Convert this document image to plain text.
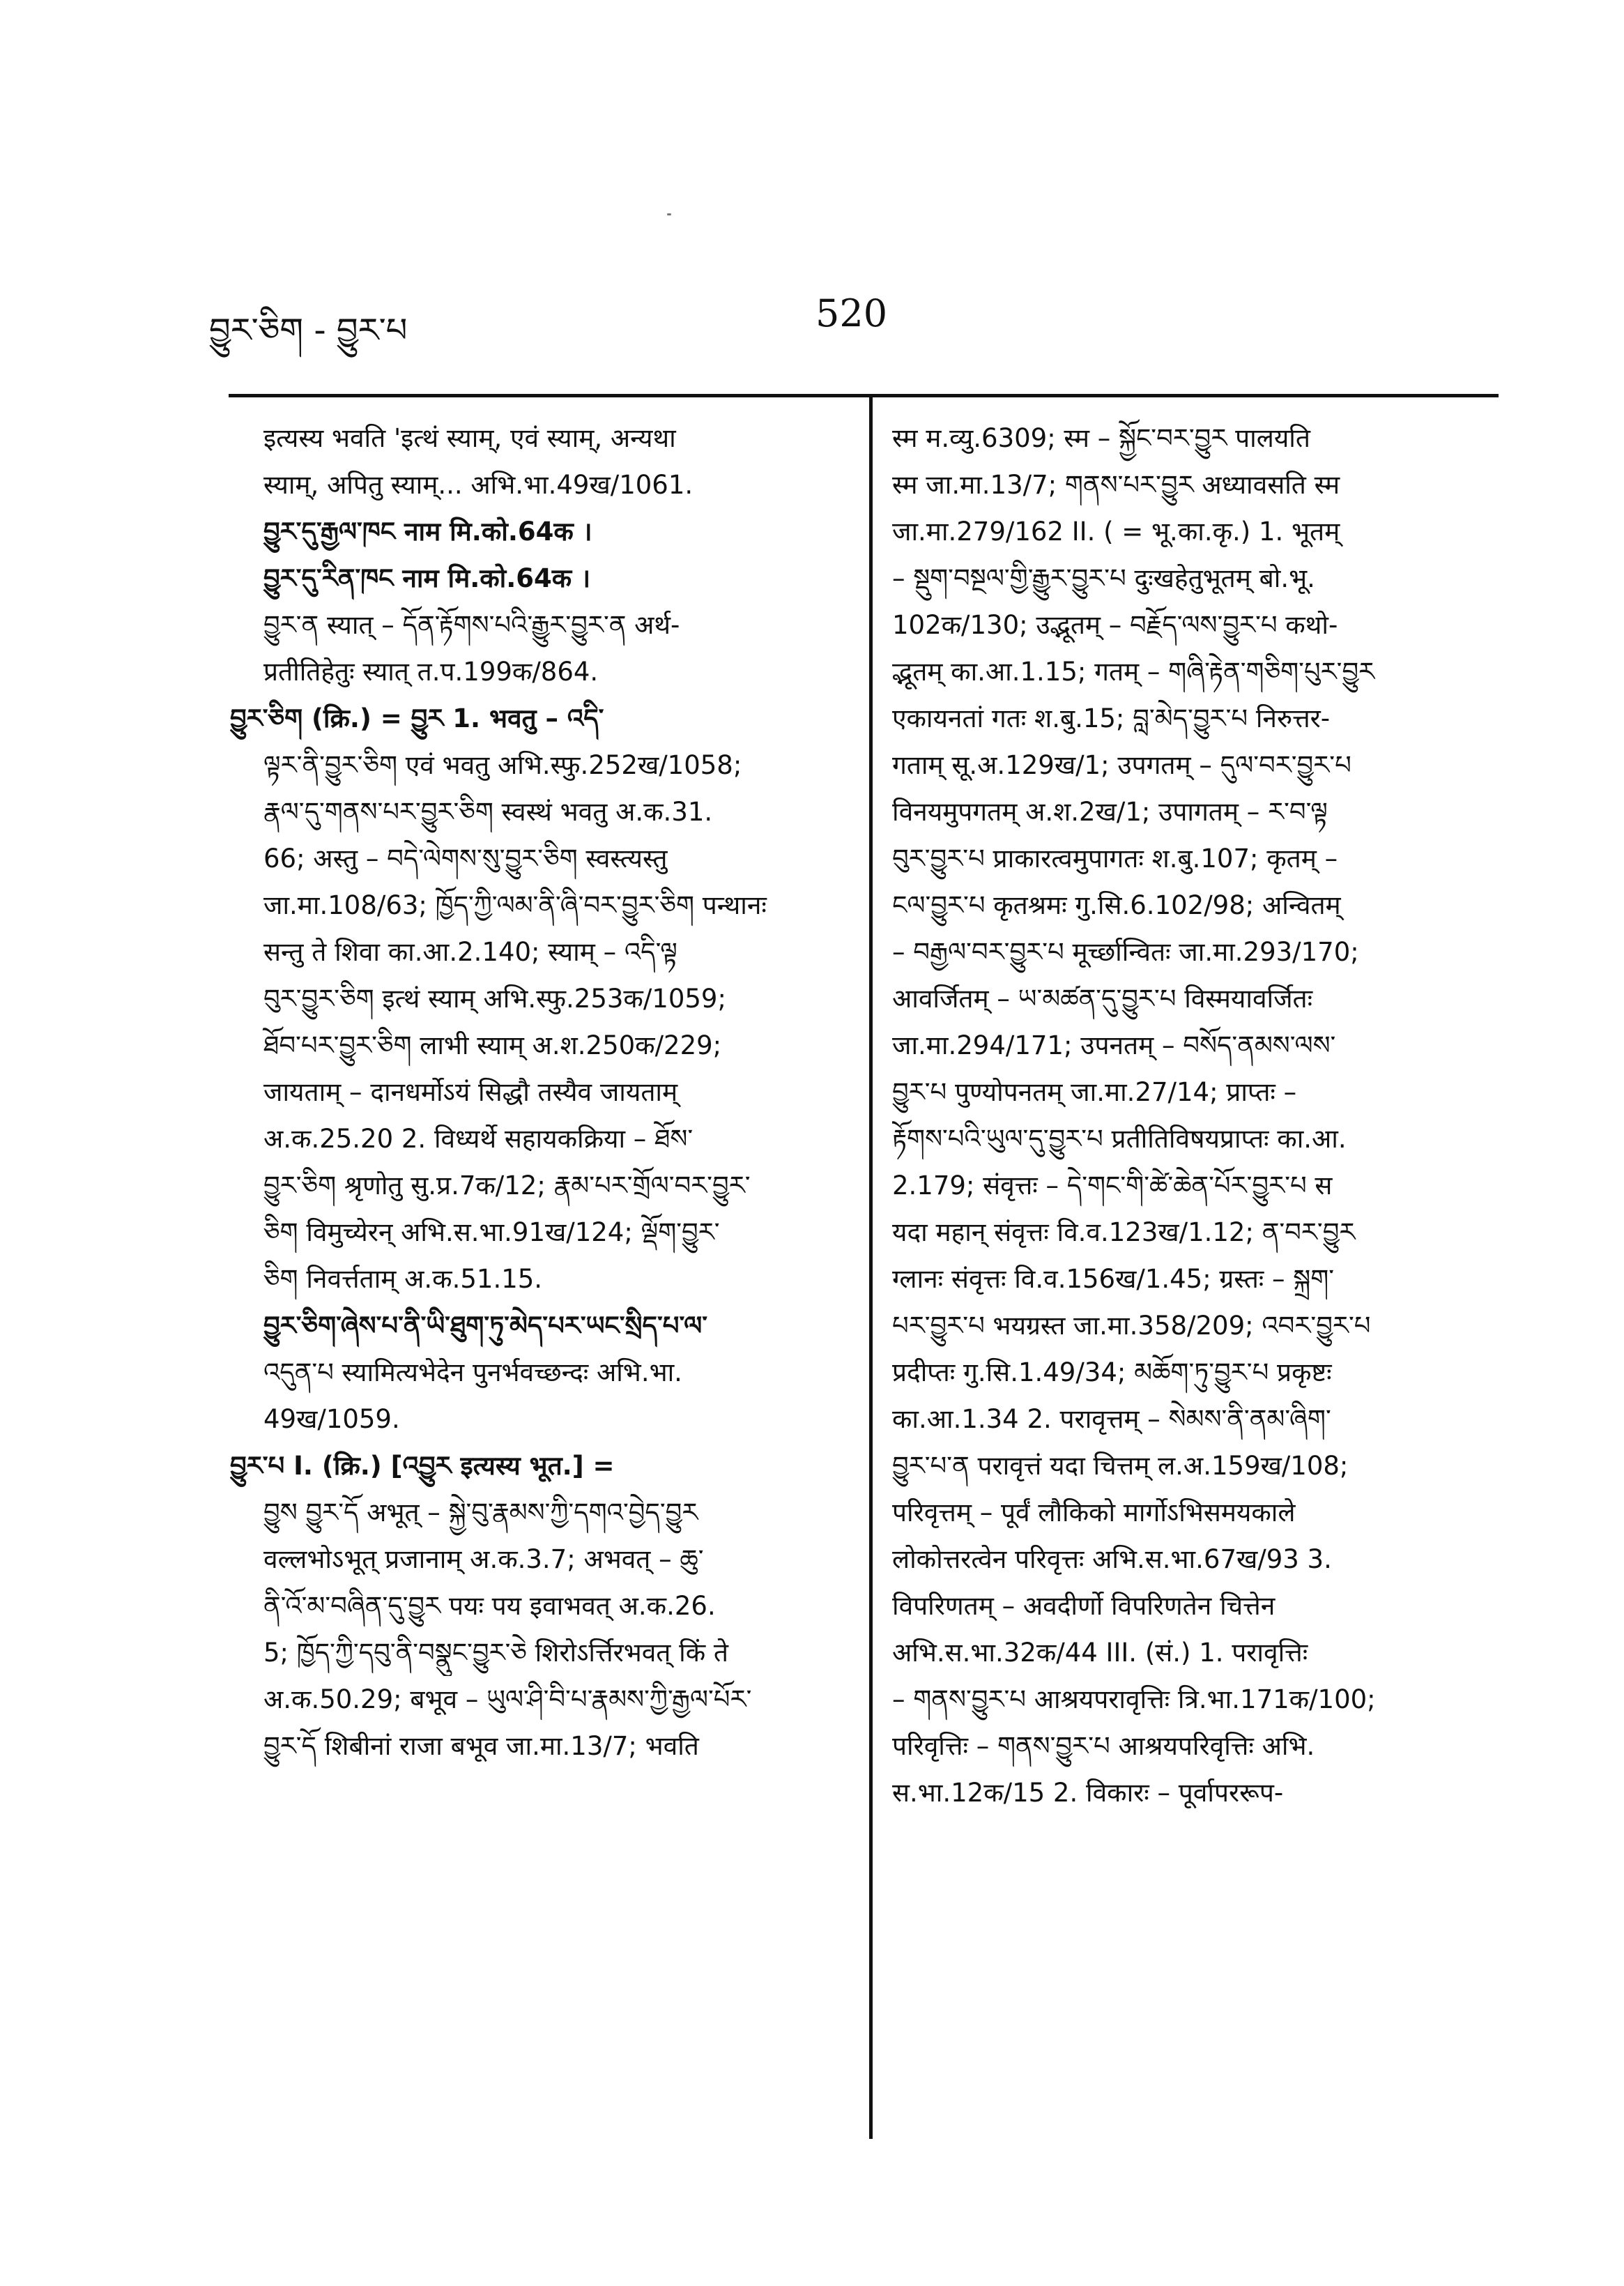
བྱུར་ཅིག - བྱུར་པ	520
इत्यस्य भवति 'इत्थं स्याम्, एवं स्याम्, अन्यथा
स्याम्, अपितु स्याम्... अभि.भा.49ख/1061.
བྱུར་དུ་རྒྱལ་ཁང नाम मि.को.64क ।
བྱུར་དུ་རིན་ཁང नाम मि.को.64क ।
བྱུར་ན स्यात् – དོན་རྟོགས་པའི་རྒྱུར་བྱུར་ན अर्थ-
प्रतीतिहेतुः स्यात् त.प.199क/864.
བྱུར་ཅིག (क्रि.) = བྱུར 1. भवतु – འདི་
ལྟར་ནི་བྱུར་ཅིག एवं भवतु अभि.स्फु.252ख/1058;
རྣལ་དུ་གནས་པར་བྱུར་ཅིག स्वस्थं भवतु अ.क.31.
66; अस्तु – བདེ་ལེགས་སུ་བྱུར་ཅིག स्वस्त्यस्तु
जा.मा.108/63; ཁྱོད་ཀྱི་ལམ་ནི་ཞི་བར་བྱུར་ཅིག पन्थानः
सन्तु ते शिवा का.आ.2.140; स्याम् – འདི་ལྟ
བུར་བྱུར་ཅིག इत्थं स्याम् अभि.स्फु.253क/1059;
ཐོབ་པར་བྱུར་ཅིག लाभी स्याम् अ.श.250क/229;
जायताम् – दानधर्मोऽयं सिद्धौ तस्यैव जायताम्
अ.क.25.20 2. विध्यर्थे सहायकक्रिया – ཐོས་
བྱུར་ཅིག श्रृणोतु सु.प्र.7क/12; རྣམ་པར་གྲོལ་བར་བྱུར་
ཅིག विमुच्येरन् अभि.स.भा.91ख/124; ལྡོག་བྱུར་
ཅིག निवर्त्तताम् अ.क.51.15.
བྱུར་ཅིག་ཞེས་པ་ནི་ཡི་ཐུག་ཏུ་མེད་པར་ཡང་སྲིད་པ་ལ་
འདུན་པ स्यामित्यभेदेन पुनर्भवच्छन्दः अभि.भा.
49ख/1059.
བྱུར་པ I. (क्रि.) [འབྱུར इत्यस्य भूत.] =
བྱུས བྱུར་དོ अभूत् – སྐྱེ་བུ་རྣམས་ཀྱི་དགའ་བྱེད་བྱུར
वल्लभोऽभूत् प्रजानाम् अ.क.3.7; अभवत् – ཆུ་
ནི་འོ་མ་བཞིན་དུ་བྱུར पयः पय इवाभवत् अ.क.26.
5; ཁྱོད་ཀྱི་དབུ་ནི་བསྣུང་བྱུར་ཅེ शिरोऽर्त्तिरभवत् किं ते
अ.क.50.29; बभूव – ཡུལ་ཤི་བི་པ་རྣམས་ཀྱི་རྒྱལ་པོར་
བྱུར་དོ शिबीनां राजा बभूव जा.मा.13/7; भवति
स्म म.व्यु.6309; स्म – སྐྱོང་བར་བྱུར पालयति
स्म जा.मा.13/7; གནས་པར་བྱུར अध्यावसति स्म
जा.मा.279/162 II. ( = भू.का.कृ.) 1. भूतम्
– སྡུག་བསྔལ་གྱི་རྒྱུར་བྱུར་པ दुःखहेतुभूतम् बो.भू.
102क/130; उद्भूतम् – བརྗོད་ལས་བྱུར་པ कथो-
द्भूतम् का.आ.1.15; गतम् – གཞི་རྟེན་གཅིག་པུར་བྱུར
एकायनतां गतः श.बु.15; བླ་མེད་བྱུར་པ निरुत्तर-
गताम् सू.अ.129ख/1; उपगतम् – དུལ་བར་བྱུར་པ
विनयमुपगतम् अ.श.2ख/1; उपागतम् – ར་བ་ལྟ
བུར་བྱུར་པ प्राकारत्वमुपागतः श.बु.107; कृतम् –
ངལ་བྱུར་པ कृतश्रमः गु.सि.6.102/98; अन्वितम्
– བརྒྱལ་བར་བྱུར་པ मूर्च्छान्वितः जा.मा.293/170;
आवर्जितम् – ཡ་མཚན་དུ་བྱུར་པ विस्मयावर्जितः
जा.मा.294/171; उपनतम् – བསོད་ནམས་ལས་
བྱུར་པ पुण्योपनतम् जा.मा.27/14; प्राप्तः –
རྟོགས་པའི་ཡུལ་དུ་བྱུར་པ प्रतीतिविषयप्राप्तः का.आ.
2.179; संवृत्तः – དེ་གང་གི་ཚེ་ཆེན་པོར་བྱུར་པ स
यदा महान् संवृत्तः वि.व.123ख/1.12; ན་བར་བྱུར
ग्लानः संवृत्तः वि.व.156ख/1.45; ग्रस्तः – སྐྲག་
པར་བྱུར་པ भयग्रस्त जा.मा.358/209; འབར་བྱུར་པ
प्रदीप्तः गु.सि.1.49/34; མཆོག་ཏུ་བྱུར་པ प्रकृष्टः
का.आ.1.34 2. परावृत्तम् – སེམས་ནི་ནམ་ཞིག་
བྱུར་པ་ན परावृत्तं यदा चित्तम् ल.अ.159ख/108;
परिवृत्तम् – पूर्वं लौकिको मार्गोऽभिसमयकाले
लोकोत्तरत्वेन परिवृत्तः अभि.स.भा.67ख/93 3.
विपरिणतम् – अवदीर्णो विपरिणतेन चित्तेन
अभि.स.भा.32क/44 III. (सं.) 1. परावृत्तिः
– གནས་བྱུར་པ आश्रयपरावृत्तिः त्रि.भा.171क/100;
परिवृत्तिः – གནས་བྱུར་པ आश्रयपरिवृत्तिः अभि.
स.भा.12क/15 2. विकारः – पूर्वापररूप-
